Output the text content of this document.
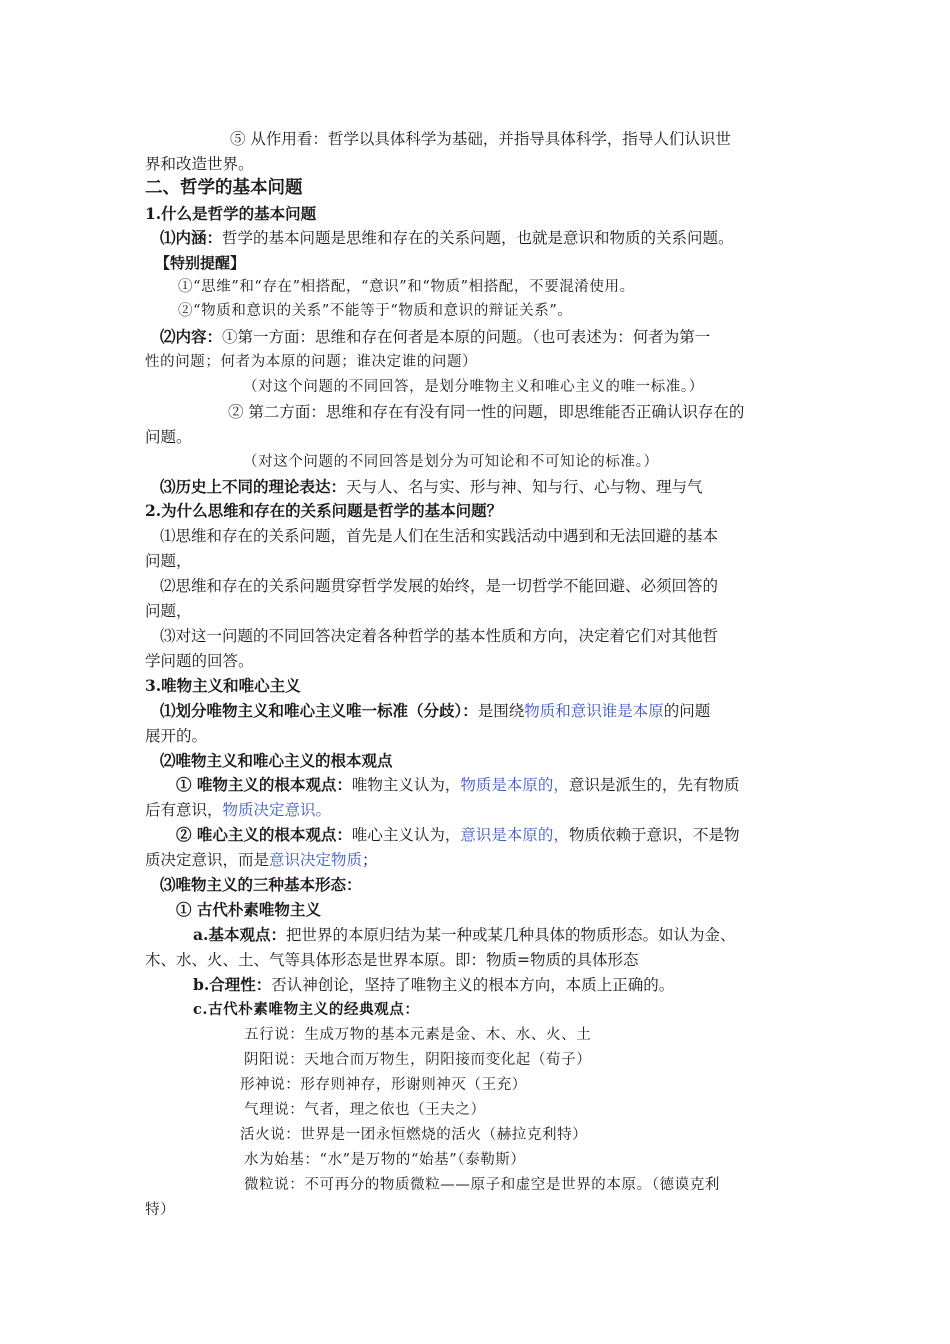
⑤ 从作用看：哲学以具体科学为基础，并指导具体科学，指导人们认识世
界和改造世界。
二、哲学的基本问题
1.什么是哲学的基本问题
⑴内涵：哲学的基本问题是思维和存在的关系问题，也就是意识和物质的关系问题。
【特别提醒】
①“思维”和“存在”相搭配，“意识”和“物质”相搭配，不要混淆使用。
②“物质和意识的关系”不能等于“物质和意识的辩证关系”。
⑵内容：①第一方面：思维和存在何者是本原的问题。（也可表述为：何者为第一
性的问题；何者为本原的问题；谁决定谁的问题）
（对这个问题的不同回答，是划分唯物主义和唯心主义的唯一标准。）
② 第二方面：思维和存在有没有同一性的问题，即思维能否正确认识存在的
问题。
（对这个问题的不同回答是划分为可知论和不可知论的标准。）
⑶历史上不同的理论表达：天与人、名与实、形与神、知与行、心与物、理与气
2.为什么思维和存在的关系问题是哲学的基本问题？
⑴思维和存在的关系问题，首先是人们在生活和实践活动中遇到和无法回避的基本
问题，
⑵思维和存在的关系问题贯穿哲学发展的始终，是一切哲学不能回避、必须回答的
问题，
⑶对这一问题的不同回答决定着各种哲学的基本性质和方向，决定着它们对其他哲
学问题的回答。
3.唯物主义和唯心主义
⑴划分唯物主义和唯心主义唯一标准（分歧）：是围绕物质和意识谁是本原的问题
展开的。
⑵唯物主义和唯心主义的根本观点
① 唯物主义的根本观点：唯物主义认为，物质是本原的，意识是派生的，先有物质
后有意识，物质决定意识。
② 唯心主义的根本观点：唯心主义认为，意识是本原的，物质依赖于意识，不是物
质决定意识，而是意识决定物质；
⑶唯物主义的三种基本形态：
① 古代朴素唯物主义
a.基本观点：把世界的本原归结为某一种或某几种具体的物质形态。如认为金、
木、水、火、土、气等具体形态是世界本原。即：物质=物质的具体形态
b.合理性：否认神创论，坚持了唯物主义的根本方向，本质上正确的。
c.古代朴素唯物主义的经典观点：
五行说：生成万物的基本元素是金、木、水、火、土
阴阳说：天地合而万物生，阴阳接而变化起（荀子）
形神说：形存则神存，形谢则神灭（王充）
气理说：气者，理之依也（王夫之）
活火说：世界是一团永恒燃烧的活火（赫拉克利特）
水为始基：“水”是万物的“始基”（泰勒斯）
微粒说：不可再分的物质微粒——原子和虚空是世界的本原。（德谟克利
特）
